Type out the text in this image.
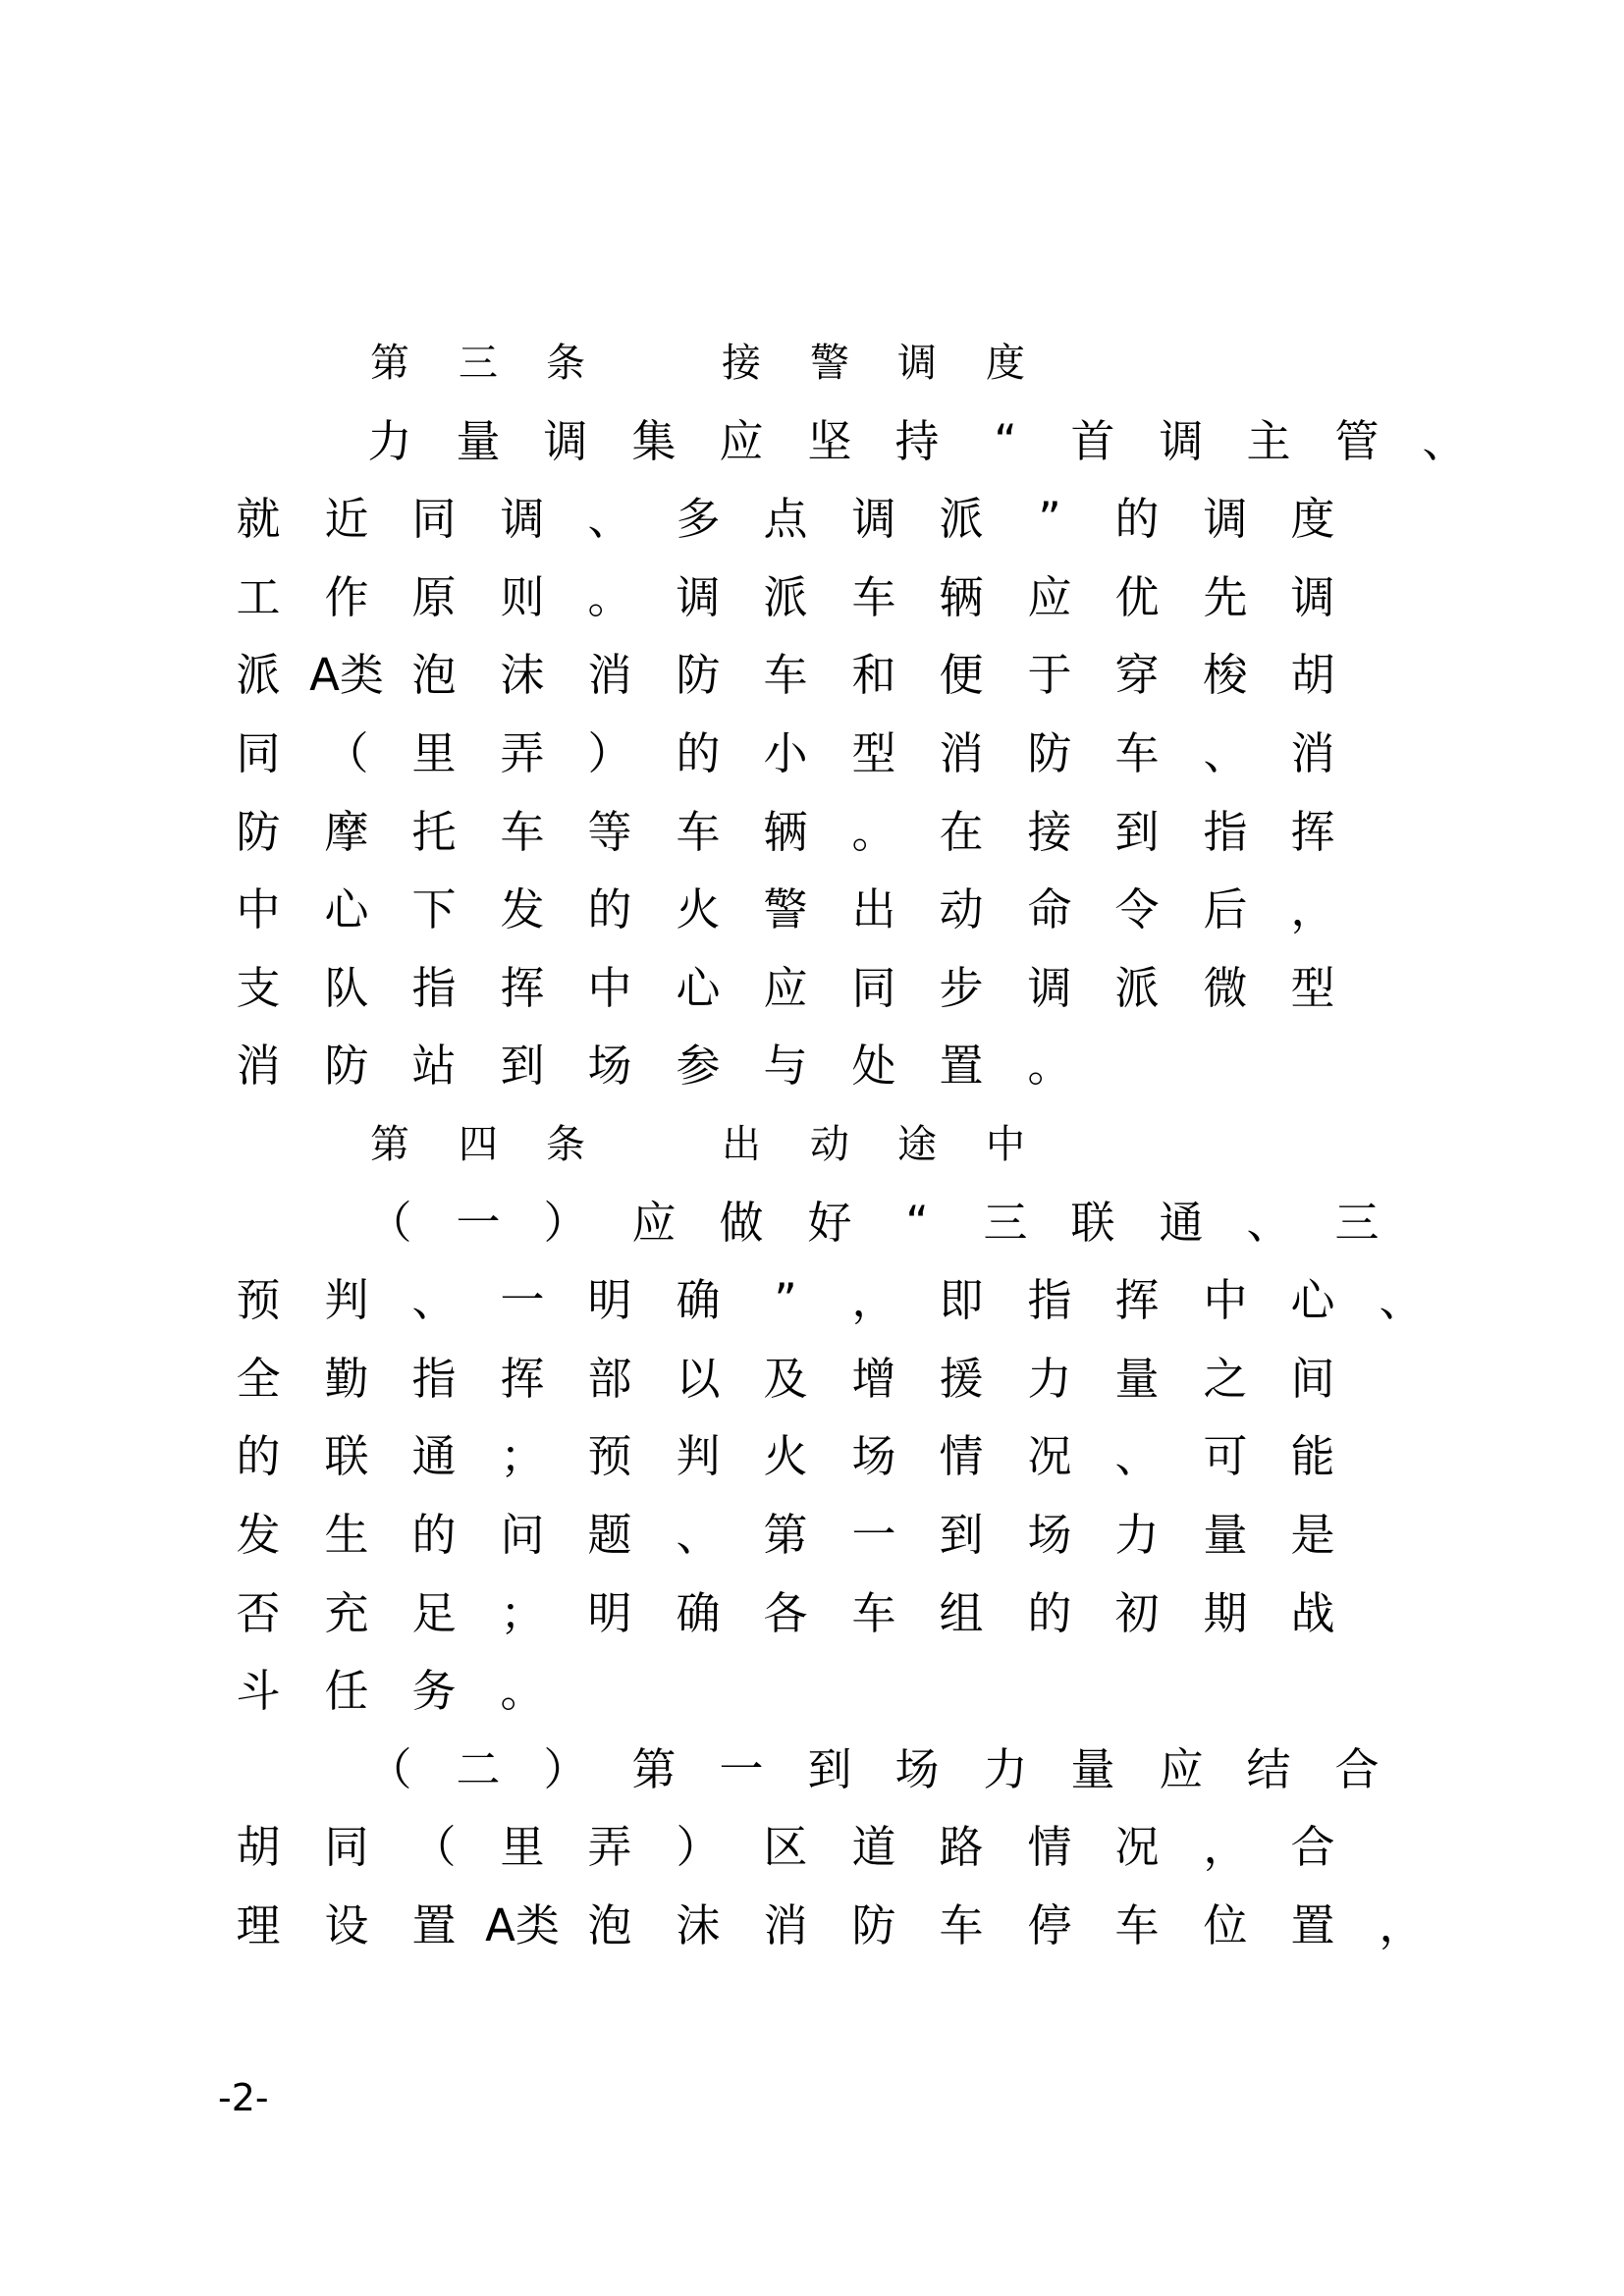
第 三 条	接 警 调 度
力 量 调 集 应 坚 持	“	首 调 主 管 、
就 近 同 调 、 多 点 调 派	”	的 调 度
工 作 原 则 。 调 派 车 辆 应 优 先 调
派 A类 泡 沫 消 防 车 和 便 于 穿 梭 胡
同 （ 里 弄 ） 的 小 型 消 防 车 、 消
防 摩 托 车 等 车 辆 。 在 接 到 指 挥
中 心 下 发 的 火 警 出 动 命 令 后 ，
支 队 指 挥 中 心 应 同 步 调 派 微 型
消 防 站 到 场 参 与 处 置 。
第 四 条	出 动 途 中
（ 一 ） 应 做 好	“	三 联 通 、 三
预 判 、 一 明 确	”	， 即 指 挥 中 心 、
全 勤 指 挥 部 以 及 增 援 力 量 之 间
的 联 通 ； 预 判 火 场 情 况 、 可 能
发 生 的 问 题 、 第 一 到 场 力 量 是
否 充 足 ； 明 确 各 车 组 的 初 期 战
斗 任 务 。
（ 二 ） 第 一 到 场 力 量 应 结 合
胡 同 （ 里 弄 ） 区 道 路 情 况 ， 合
理 设 置 A类 泡 沫 消 防 车 停 车 位 置 ，
-2-
